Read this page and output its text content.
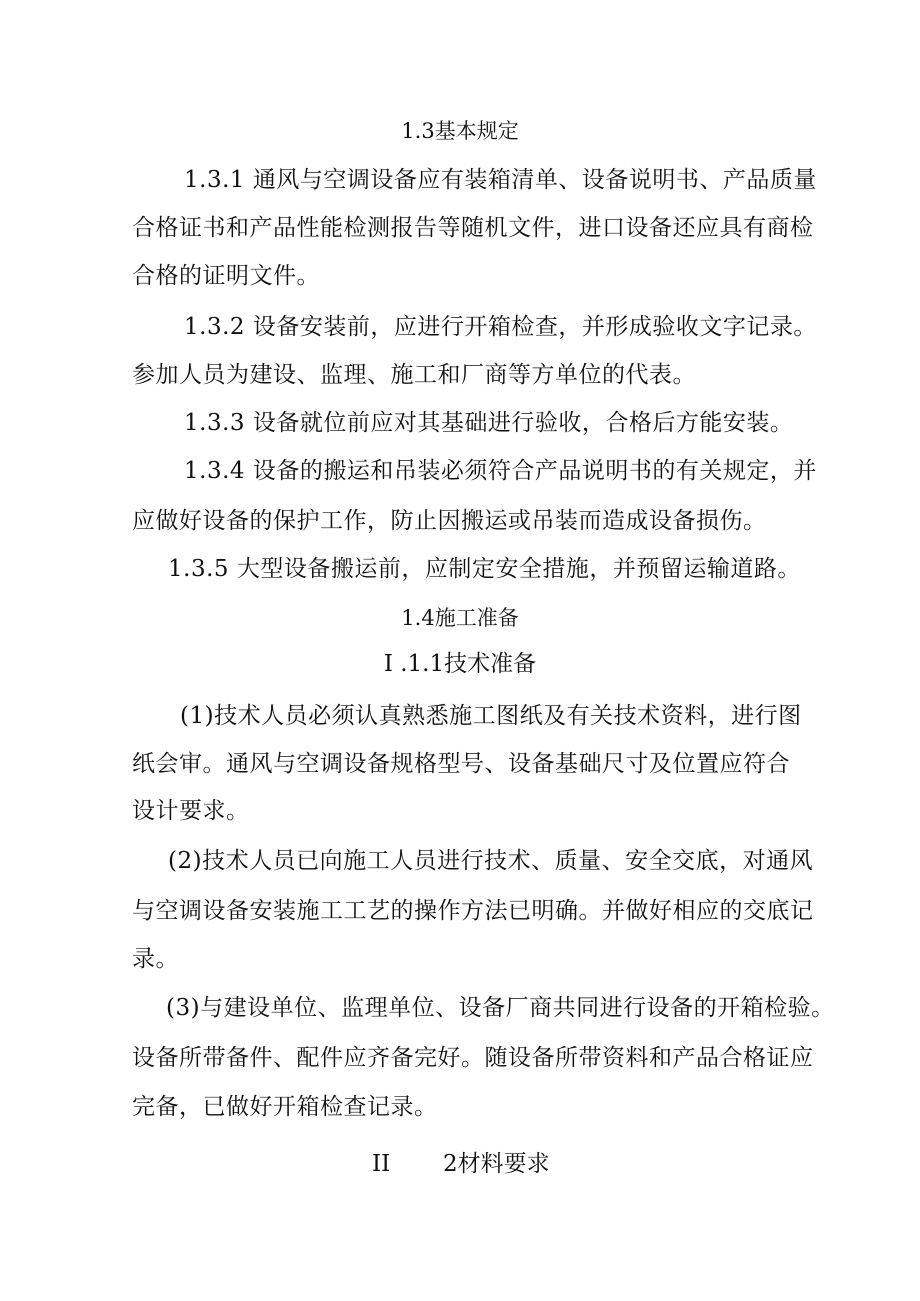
1.3基本规定
1.3.1 通风与空调设备应有装箱清单、设备说明书、产品质量
合格证书和产品性能检测报告等随机文件，进口设备还应具有商检
合格的证明文件。
1.3.2 设备安装前，应进行开箱检查，并形成验收文字记录。
参加人员为建设、监理、施工和厂商等方单位的代表。
1.3.3 设备就位前应对其基础进行验收，合格后方能安装。
1.3.4 设备的搬运和吊装必须符合产品说明书的有关规定，并
应做好设备的保护工作，防止因搬运或吊装而造成设备损伤。
1.3.5 大型设备搬运前，应制定安全措施，并预留运输道路。
1.4施工准备
Ⅰ .1.1技术准备
(1)技术人员必须认真熟悉施工图纸及有关技术资料，进行图
纸会审。通风与空调设备规格型号、设备基础尺寸及位置应符合
设计要求。
(2)技术人员已向施工人员进行技术、质量、安全交底，对通风
与空调设备安装施工工艺的操作方法已明确。并做好相应的交底记
录。
(3)与建设单位、监理单位、设备厂商共同进行设备的开箱检验。
设备所带备件、配件应齐备完好。随设备所带资料和产品合格证应
完备，已做好开箱检查记录。
II 2材料要求
